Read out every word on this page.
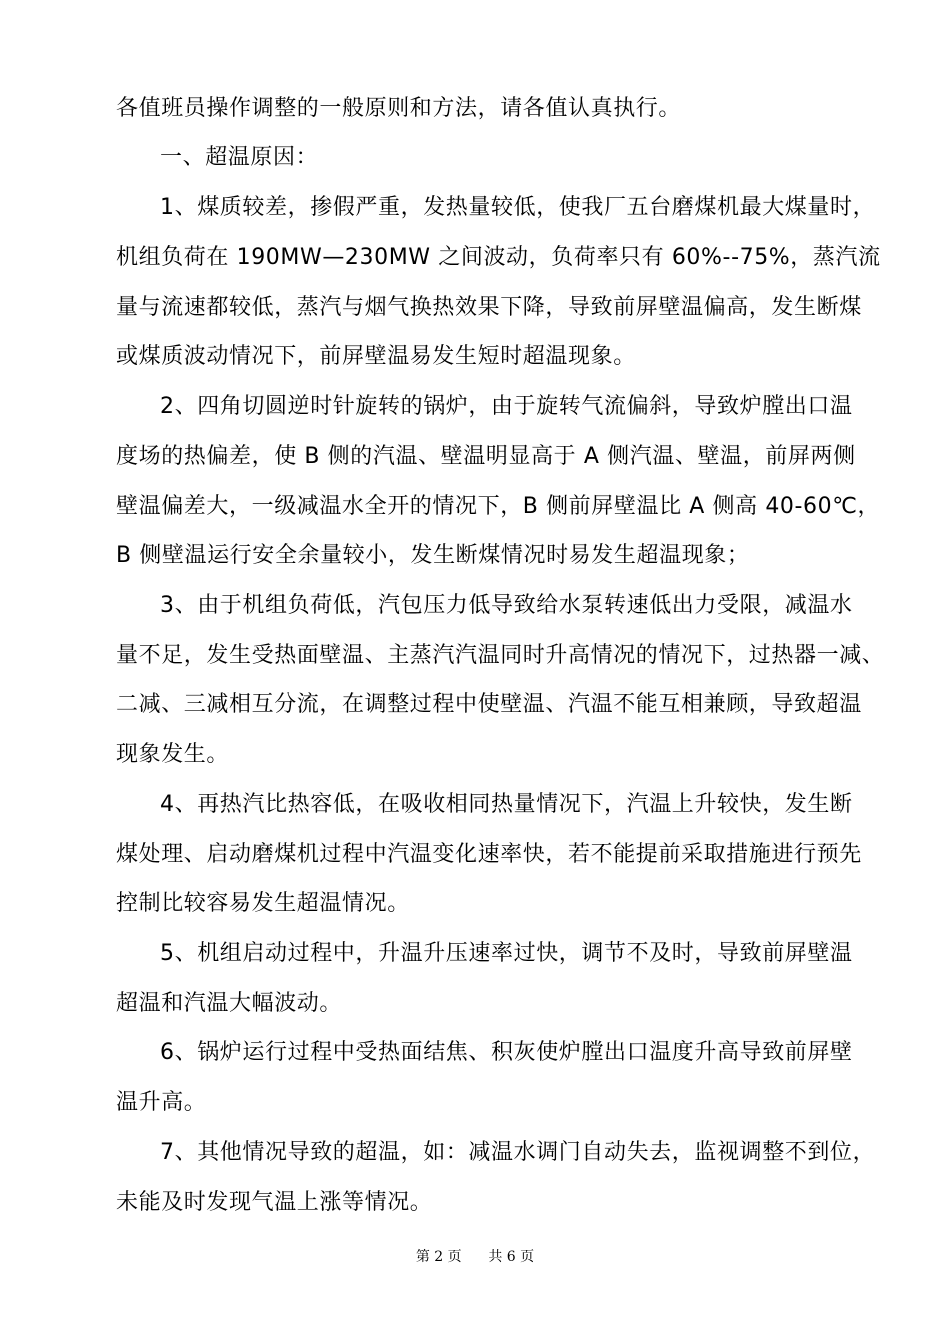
各值班员操作调整的一般原则和方法，请各值认真执行。
一、超温原因：
1、煤质较差，掺假严重，发热量较低，使我厂五台磨煤机最大煤量时，
机组负荷在 190MW—230MW 之间波动，负荷率只有 60%--75%，蒸汽流
量与流速都较低，蒸汽与烟气换热效果下降，导致前屏壁温偏高，发生断煤
或煤质波动情况下，前屏壁温易发生短时超温现象。
2、四角切圆逆时针旋转的锅炉，由于旋转气流偏斜，导致炉膛出口温
度场的热偏差，使 B 侧的汽温、壁温明显高于 A 侧汽温、壁温，前屏两侧
壁温偏差大，一级减温水全开的情况下，B 侧前屏壁温比 A 侧高 40-60℃，
B 侧壁温运行安全余量较小，发生断煤情况时易发生超温现象；
3、由于机组负荷低，汽包压力低导致给水泵转速低出力受限，减温水
量不足，发生受热面壁温、主蒸汽汽温同时升高情况的情况下，过热器一减、
二减、三减相互分流，在调整过程中使壁温、汽温不能互相兼顾，导致超温
现象发生。
4、再热汽比热容低，在吸收相同热量情况下，汽温上升较快，发生断
煤处理、启动磨煤机过程中汽温变化速率快，若不能提前采取措施进行预先
控制比较容易发生超温情况。
5、机组启动过程中，升温升压速率过快，调节不及时，导致前屏壁温
超温和汽温大幅波动。
6、锅炉运行过程中受热面结焦、积灰使炉膛出口温度升高导致前屏壁
温升高。
7、其他情况导致的超温，如：减温水调门自动失去，监视调整不到位，
未能及时发现气温上涨等情况。
第 2 页      共 6 页
